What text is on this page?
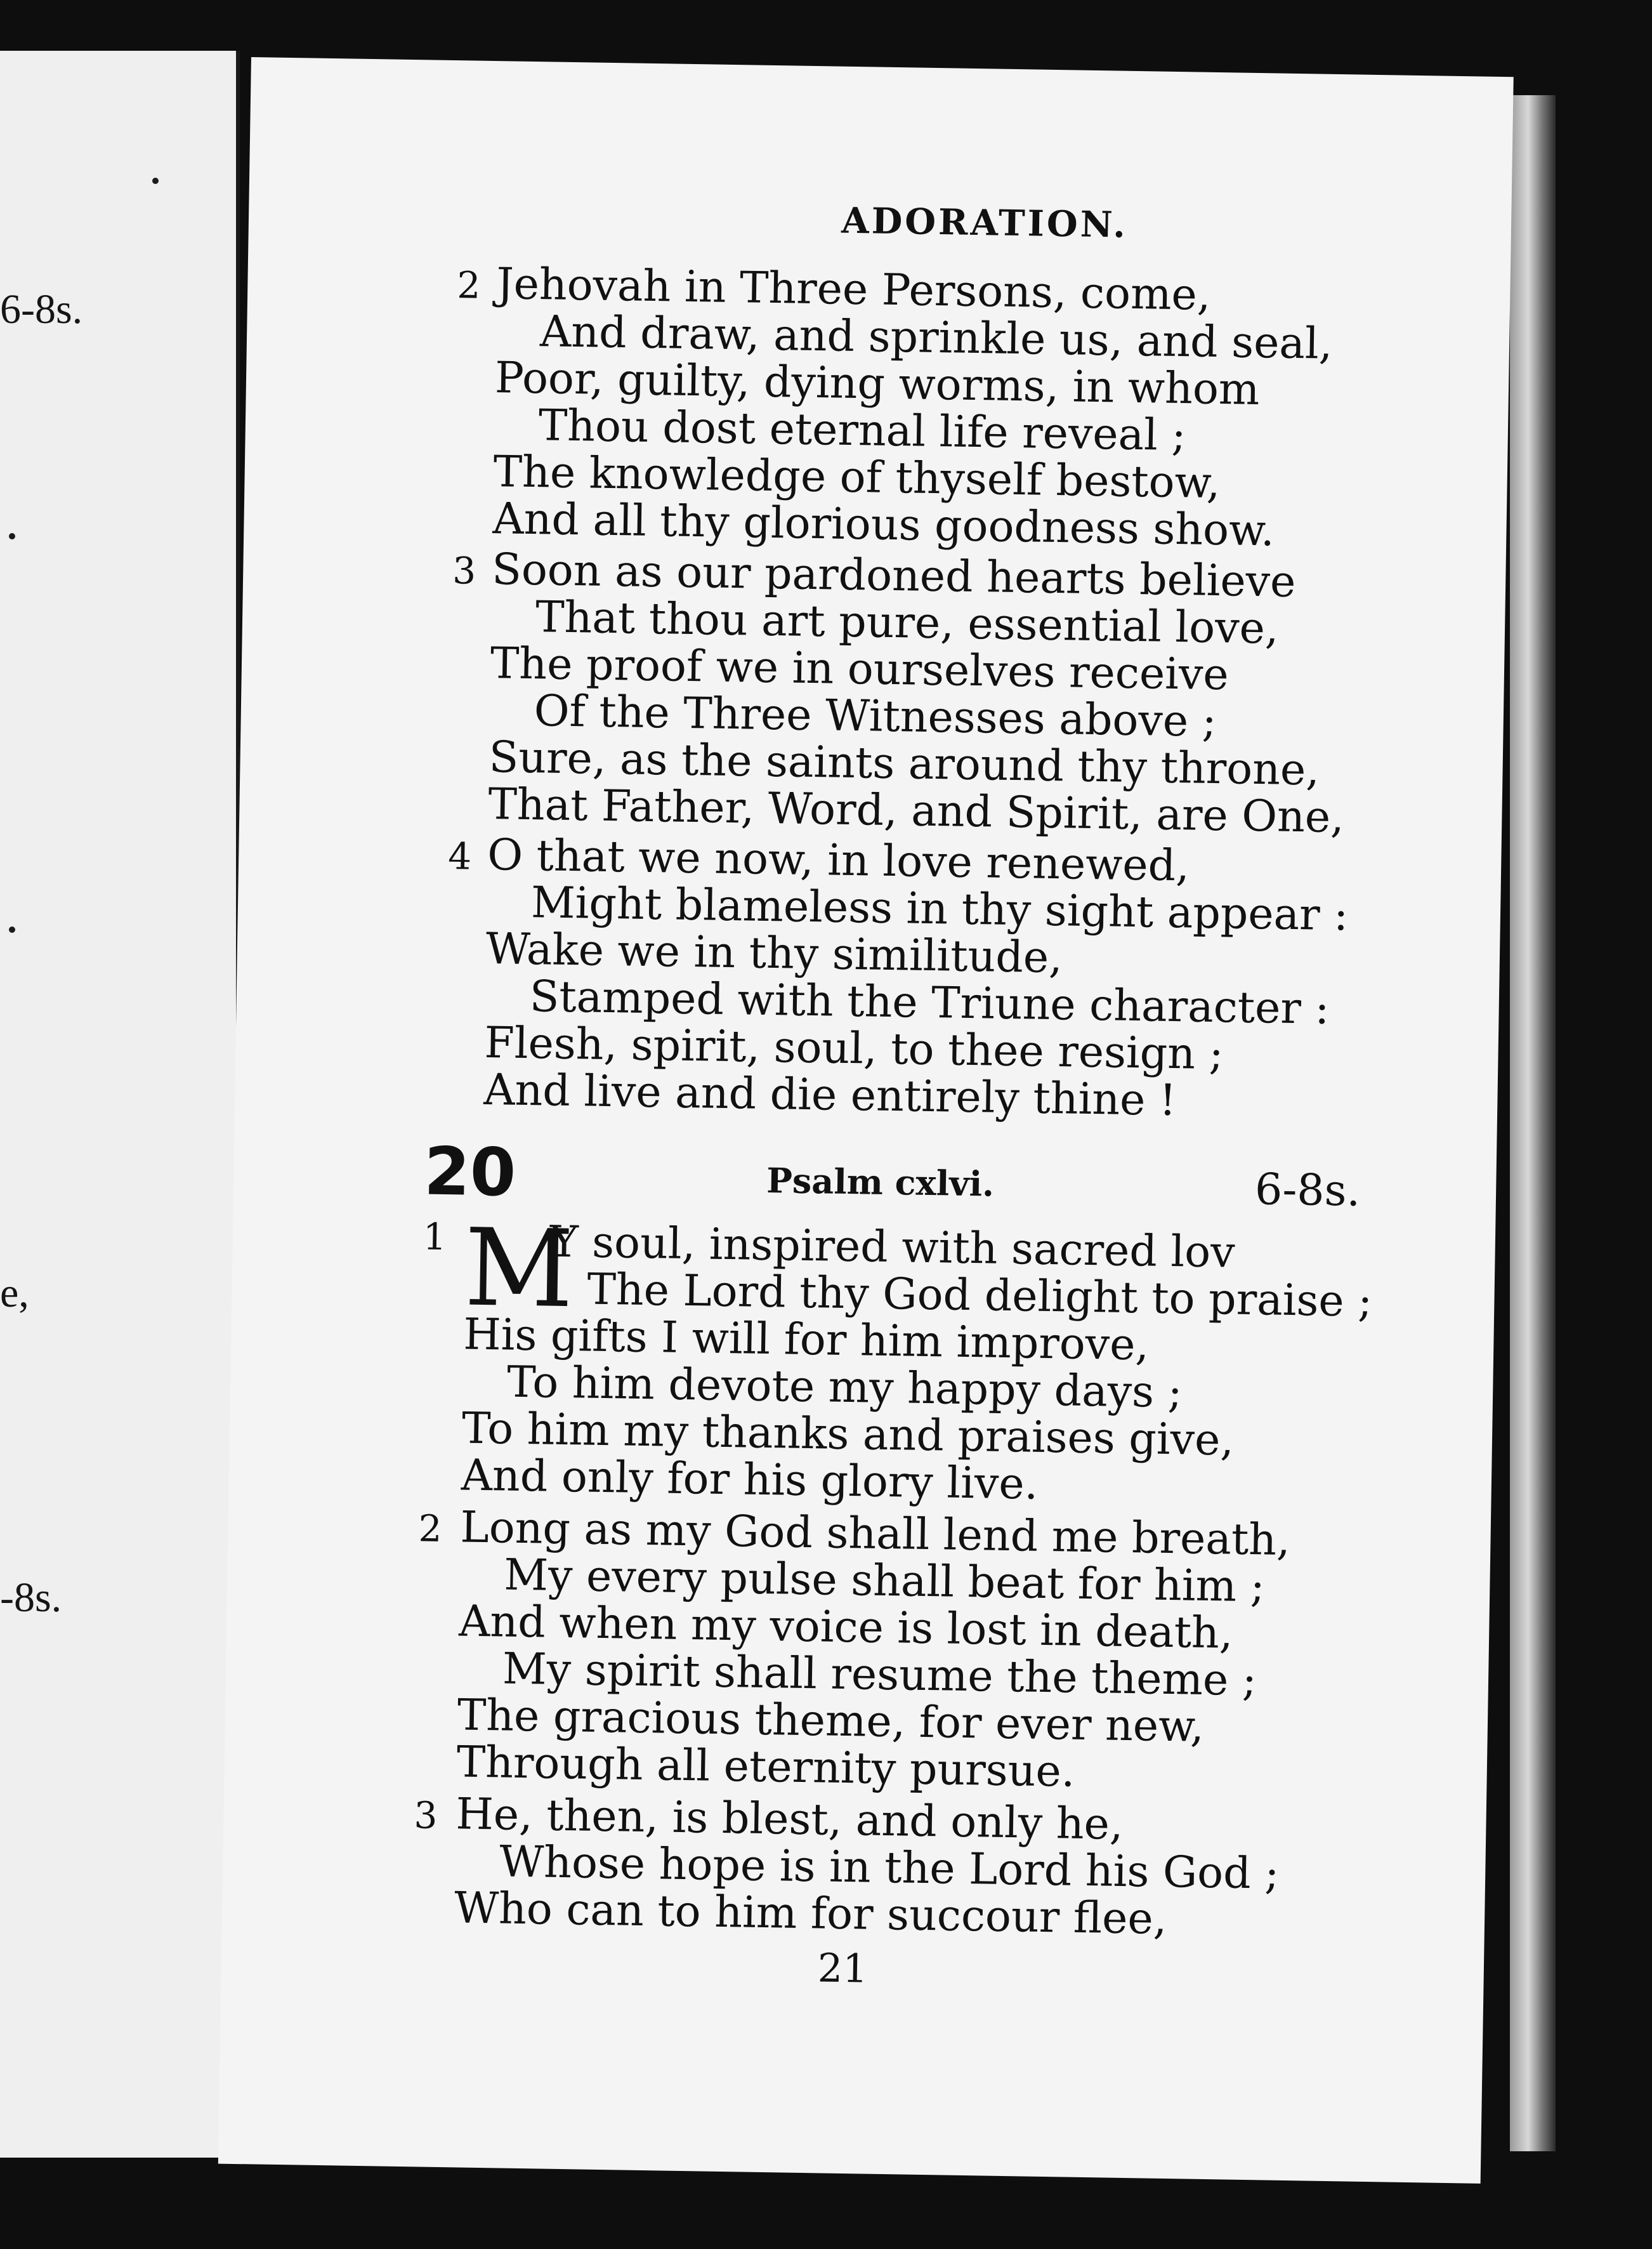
6-8s.
e,
-8s.
ADORATION.
2 Jehovah in Three Persons, come,
And draw, and sprinkle us, and seal,
Poor, guilty, dying worms, in whom
Thou dost eternal life reveal ;
The knowledge of thyself bestow,
And all thy glorious goodness show.
3 Soon as our pardoned hearts believe
That thou art pure, essential love,
The proof we in ourselves receive
Of the Three Witnesses above ;
Sure, as the saints around thy throne,
That Father, Word, and Spirit, are One,
4 O that we now, in love renewed,
Might blameless in thy sight appear :
Wake we in thy similitude,
Stamped with the Triune character :
Flesh, spirit, soul, to thee resign ;
And live and die entirely thine !
20	Psalm cxlvi.	6-8s.
1 M
Y soul, inspired with sacred lov
The Lord thy God delight to praise ;
His gifts I will for him improve,
To him devote my happy days ;
To him my thanks and praises give,
And only for his glory live.
2 Long as my God shall lend me breath,
My every pulse shall beat for him ;
And when my voice is lost in death,
My spirit shall resume the theme ;
The gracious theme, for ever new,
Through all eternity pursue.
3 He, then, is blest, and only he,
Whose hope is in the Lord his God ;
Who can to him for succour flee,
21
